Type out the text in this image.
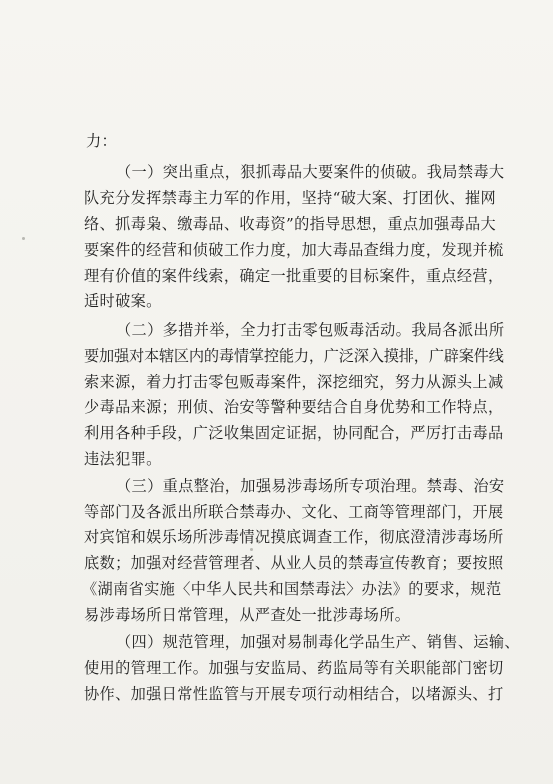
力：
（一）突出重点，狠抓毒品大要案件的侦破。我局禁毒大
队充分发挥禁毒主力军的作用，坚持“破大案、打团伙、摧网
络、抓毒枭、缴毒品、收毒资”的指导思想，重点加强毒品大
要案件的经营和侦破工作力度，加大毒品查缉力度，发现并梳
理有价值的案件线索，确定一批重要的目标案件，重点经营，
适时破案。
（二）多措并举，全力打击零包贩毒活动。我局各派出所
要加强对本辖区内的毒情掌控能力，广泛深入摸排，广辟案件线
索来源，着力打击零包贩毒案件，深挖细究，努力从源头上减
少毒品来源；刑侦、治安等警种要结合自身优势和工作特点，
利用各种手段，广泛收集固定证据，协同配合，严厉打击毒品
违法犯罪。
（三）重点整治，加强易涉毒场所专项治理。禁毒、治安
等部门及各派出所联合禁毒办、文化、工商等管理部门，开展
对宾馆和娱乐场所涉毒情况摸底调查工作，彻底澄清涉毒场所
底数；加强对经营管理者、从业人员的禁毒宣传教育；要按照
《湖南省实施〈中华人民共和国禁毒法〉办法》的要求，规范
易涉毒场所日常管理，从严查处一批涉毒场所。
（四）规范管理，加强对易制毒化学品生产、销售、运输、
使用的管理工作。加强与安监局、药监局等有关职能部门密切
协作、加强日常性监管与开展专项行动相结合，以堵源头、打
